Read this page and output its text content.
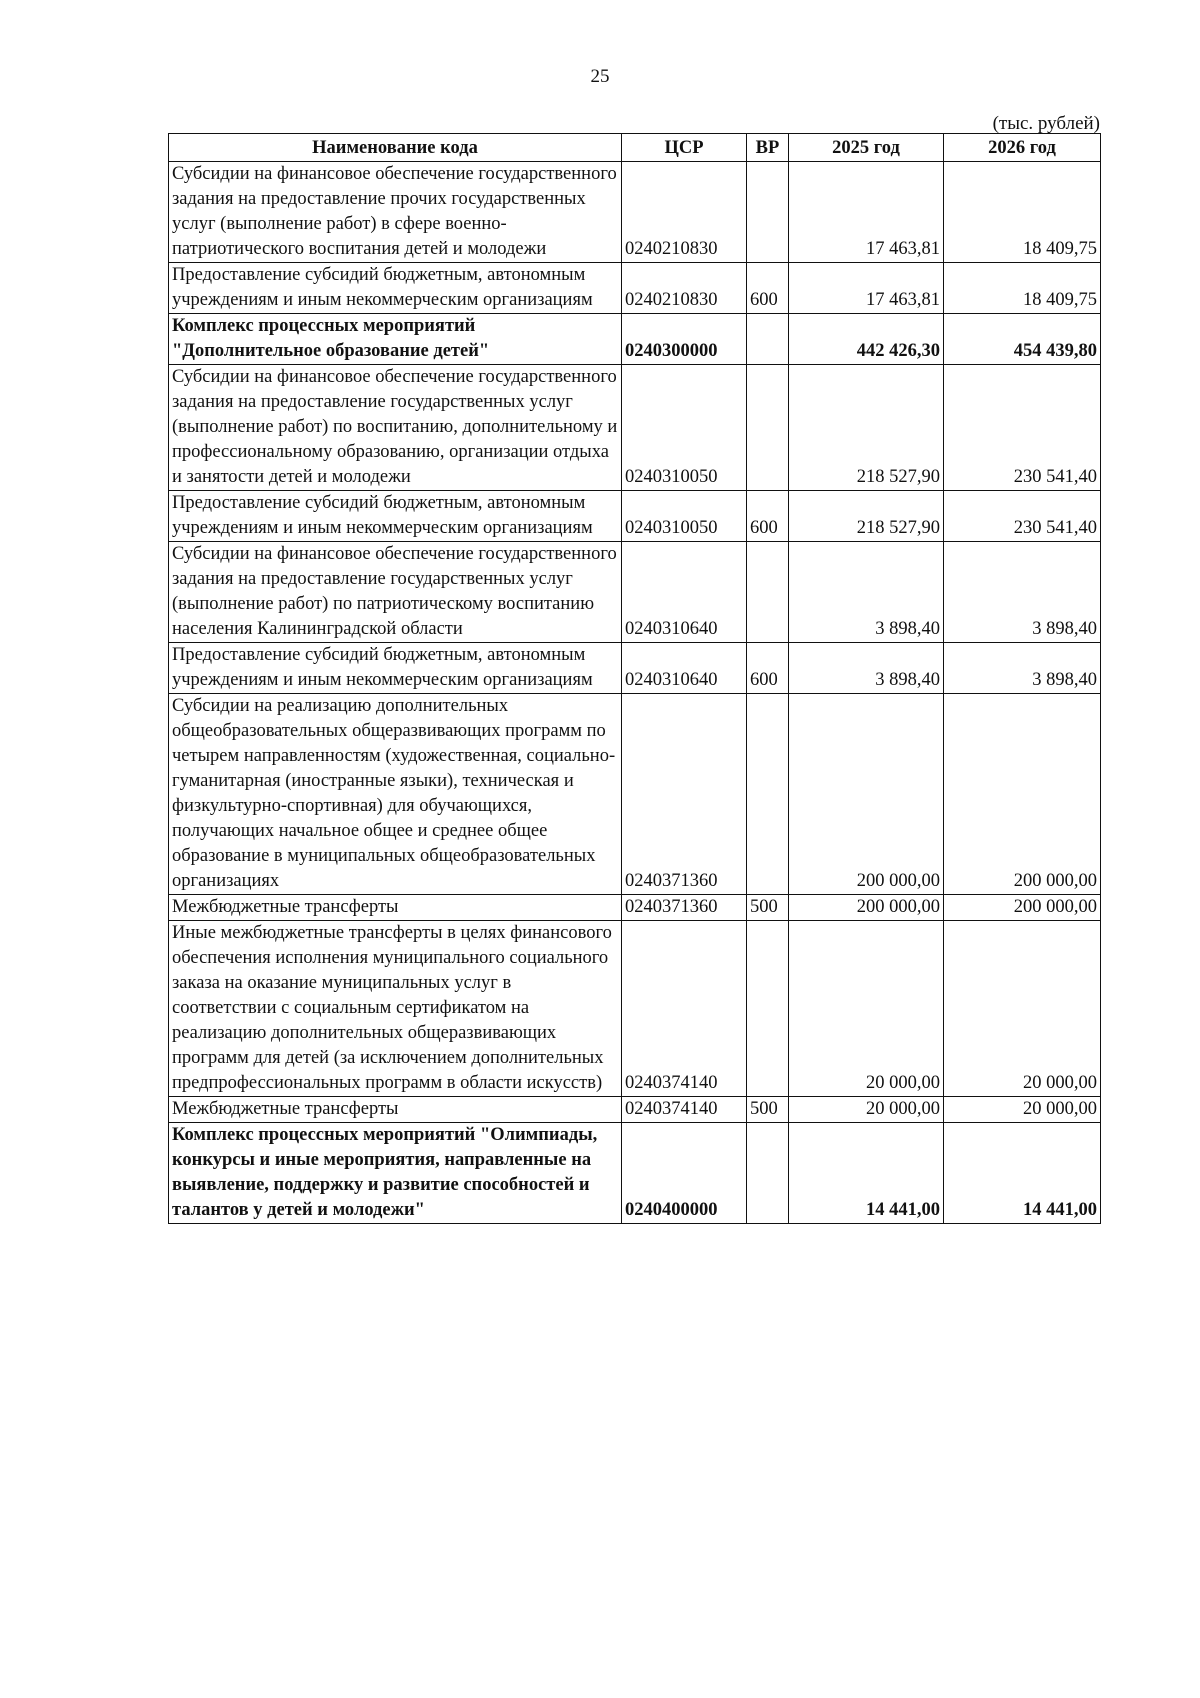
25
(тыс. рублей)
Наименование кода	ЦСР	ВР	2025 год	2026 год
Субсидии на финансовое обеспечение государственного задания на предоставление прочих государственных услуг (выполнение работ) в сфере военно-патриотического воспитания детей и молодежи	0240210830		17 463,81	18 409,75
Предоставление субсидий бюджетным, автономным учреждениям и иным некоммерческим организациям	0240210830	600	17 463,81	18 409,75
Комплекс процессных мероприятий "Дополнительное образование детей"	0240300000		442 426,30	454 439,80
Субсидии на финансовое обеспечение государственного задания на предоставление государственных услуг (выполнение работ) по воспитанию, дополнительному и профессиональному образованию, организации отдыха и занятости детей и молодежи	0240310050		218 527,90	230 541,40
Предоставление субсидий бюджетным, автономным учреждениям и иным некоммерческим организациям	0240310050	600	218 527,90	230 541,40
Субсидии на финансовое обеспечение государственного задания на предоставление государственных услуг (выполнение работ) по патриотическому воспитанию населения Калининградской области	0240310640		3 898,40	3 898,40
Предоставление субсидий бюджетным, автономным учреждениям и иным некоммерческим организациям	0240310640	600	3 898,40	3 898,40
Субсидии на реализацию дополнительных общеобразовательных общеразвивающих программ по четырем направленностям (художественная, социально-гуманитарная (иностранные языки), техническая и физкультурно-спортивная) для обучающихся, получающих начальное общее и среднее общее образование в муниципальных общеобразовательных организациях	0240371360		200 000,00	200 000,00
Межбюджетные трансферты	0240371360	500	200 000,00	200 000,00
Иные межбюджетные трансферты в целях финансового обеспечения исполнения муниципального социального заказа на оказание муниципальных услуг в соответствии с социальным сертификатом на реализацию дополнительных общеразвивающих программ для детей (за исключением дополнительных предпрофессиональных программ в области искусств)	0240374140		20 000,00	20 000,00
Межбюджетные трансферты	0240374140	500	20 000,00	20 000,00
Комплекс процессных мероприятий "Олимпиады, конкурсы и иные мероприятия, направленные на выявление, поддержку и развитие способностей и талантов у детей и молодежи"	0240400000		14 441,00	14 441,00
